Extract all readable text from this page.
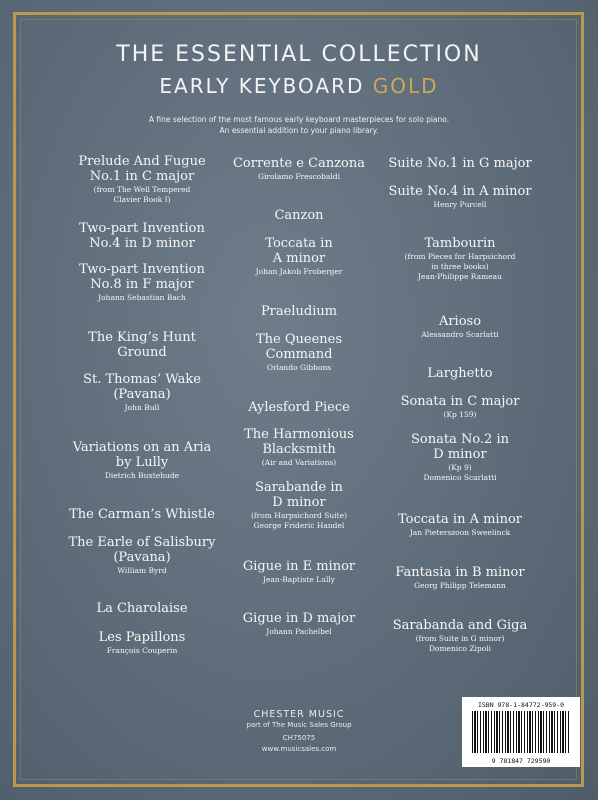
THE ESSENTIAL COLLECTION
EARLY KEYBOARD GOLD
A fine selection of the most famous early keyboard masterpieces for solo piano.
An essential addition to your piano library.
Prelude And Fugue
No.1 in C major
(from The Well Tempered
Clavier Book I)
Two-part Invention
No.4 in D minor
Two-part Invention
No.8 in F major
Johann Sebastian Bach
The King’s Hunt
Ground
St. Thomas’ Wake
(Pavana)
John Bull
Variations on an Aria
by Lully
Dietrich Buxtehude
The Carman’s Whistle
The Earle of Salisbury
(Pavana)
William Byrd
La Charolaise
Les Papillons
François Couperin
Corrente e Canzona
Girolamo Frescobaldi
Canzon
Toccata in
A minor
Johan Jakob Froberger
Praeludium
The Queenes
Command
Orlando Gibbons
Aylesford Piece
The Harmonious
Blacksmith
(Air and Variations)
Sarabande in
D minor
(from Harpsichord Suite)
George Frideric Handel
Gigue in E minor
Jean-Baptiste Lully
Gigue in D major
Johann Pachelbel
Suite No.1 in G major
Suite No.4 in A minor
Henry Purcell
Tambourin
(from Pieces for Harpsichord
in three books)
Jean-Philippe Rameau
Arioso
Alessandro Scarlatti
Larghetto
Sonata in C major
(Kp 159)
Sonata No.2 in
D minor
(Kp 9)
Domenico Scarlatti
Toccata in A minor
Jan Pieterszoon Sweelinck
Fantasia in B minor
Georg Philipp Telemann
Sarabanda and Giga
(from Suite in G minor)
Domenico Zipoli
CHESTER MUSIC
part of The Music Sales Group
CH75075
www.musicsales.com
ISBN 978-1-84772-959-0
9 781847 729590
